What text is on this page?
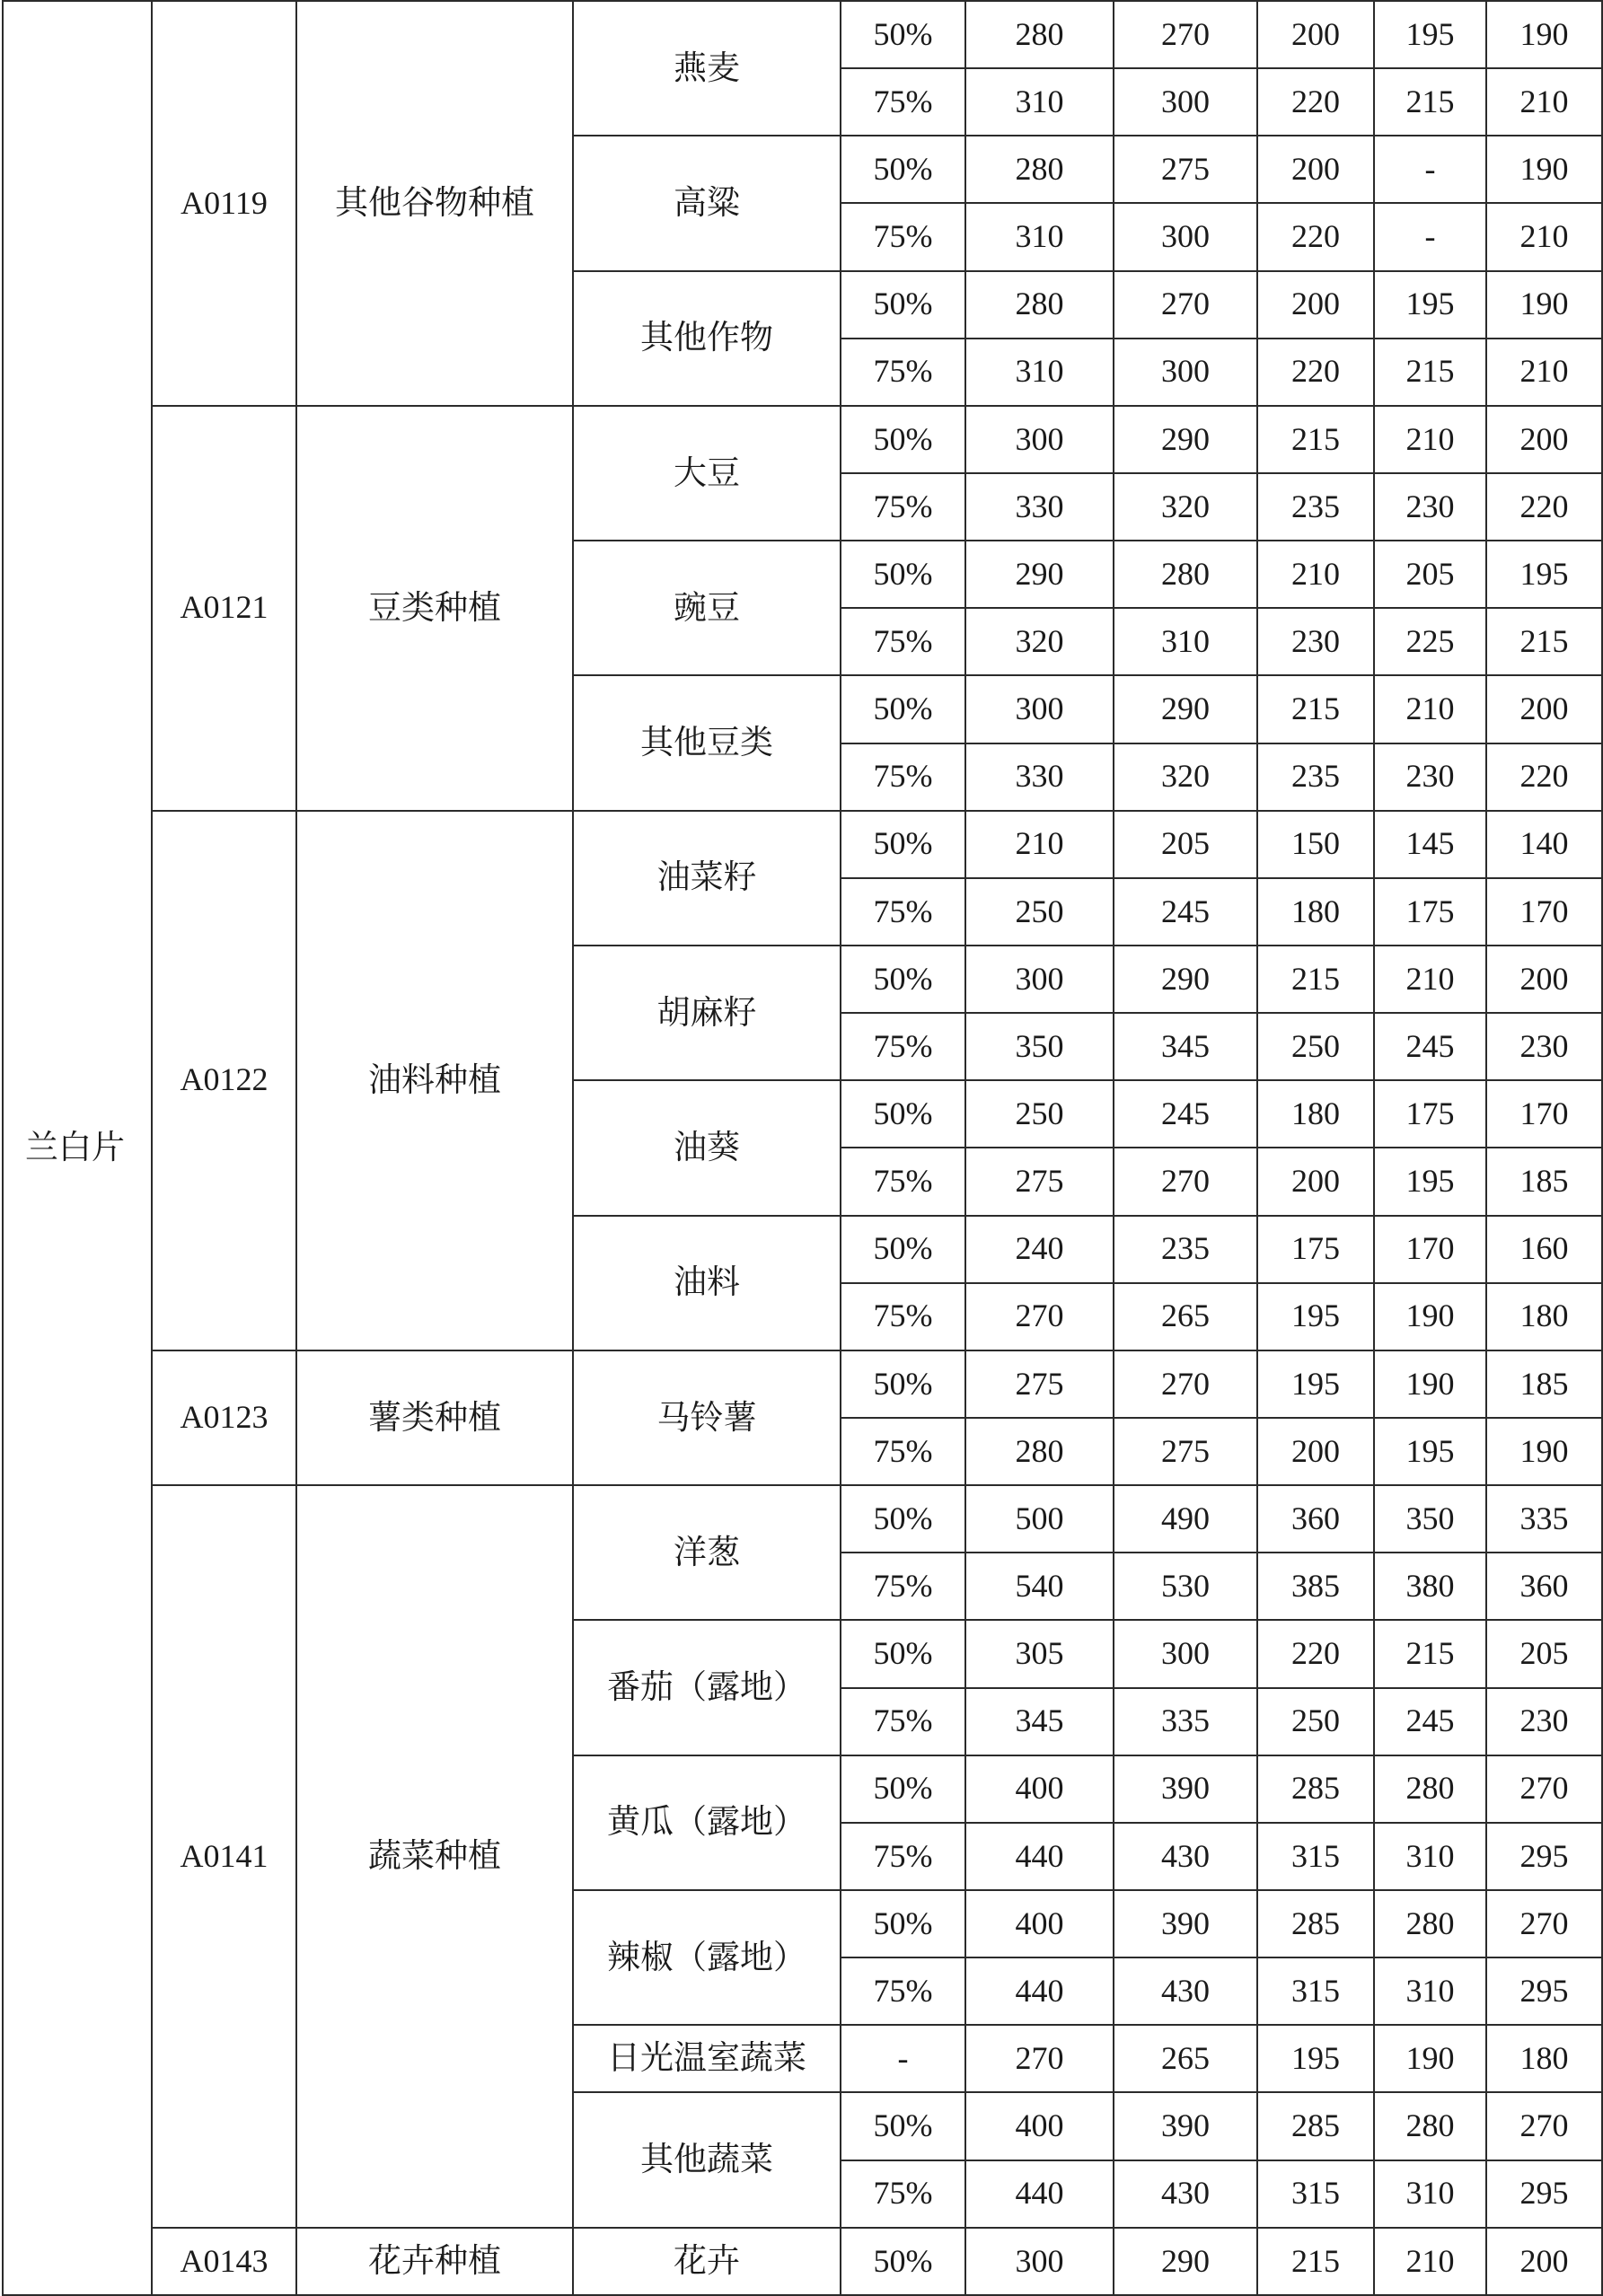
兰白片	A0119	其他谷物种植	燕麦	50%	280	270	200	195	190
				75%	310	300	220	215	210
			高粱	50%	280	275	200	-	190
				75%	310	300	220	-	210
			其他作物	50%	280	270	200	195	190
				75%	310	300	220	215	210
	A0121	豆类种植	大豆	50%	300	290	215	210	200
				75%	330	320	235	230	220
			豌豆	50%	290	280	210	205	195
				75%	320	310	230	225	215
			其他豆类	50%	300	290	215	210	200
				75%	330	320	235	230	220
	A0122	油料种植	油菜籽	50%	210	205	150	145	140
				75%	250	245	180	175	170
			胡麻籽	50%	300	290	215	210	200
				75%	350	345	250	245	230
			油葵	50%	250	245	180	175	170
				75%	275	270	200	195	185
			油料	50%	240	235	175	170	160
				75%	270	265	195	190	180
	A0123	薯类种植	马铃薯	50%	275	270	195	190	185
				75%	280	275	200	195	190
	A0141	蔬菜种植	洋葱	50%	500	490	360	350	335
				75%	540	530	385	380	360
			番茄（露地）	50%	305	300	220	215	205
				75%	345	335	250	245	230
			黄瓜（露地）	50%	400	390	285	280	270
				75%	440	430	315	310	295
			辣椒（露地）	50%	400	390	285	280	270
				75%	440	430	315	310	295
			日光温室蔬菜	-	270	265	195	190	180
			其他蔬菜	50%	400	390	285	280	270
				75%	440	430	315	310	295
	A0143	花卉种植	花卉	50%	300	290	215	210	200
